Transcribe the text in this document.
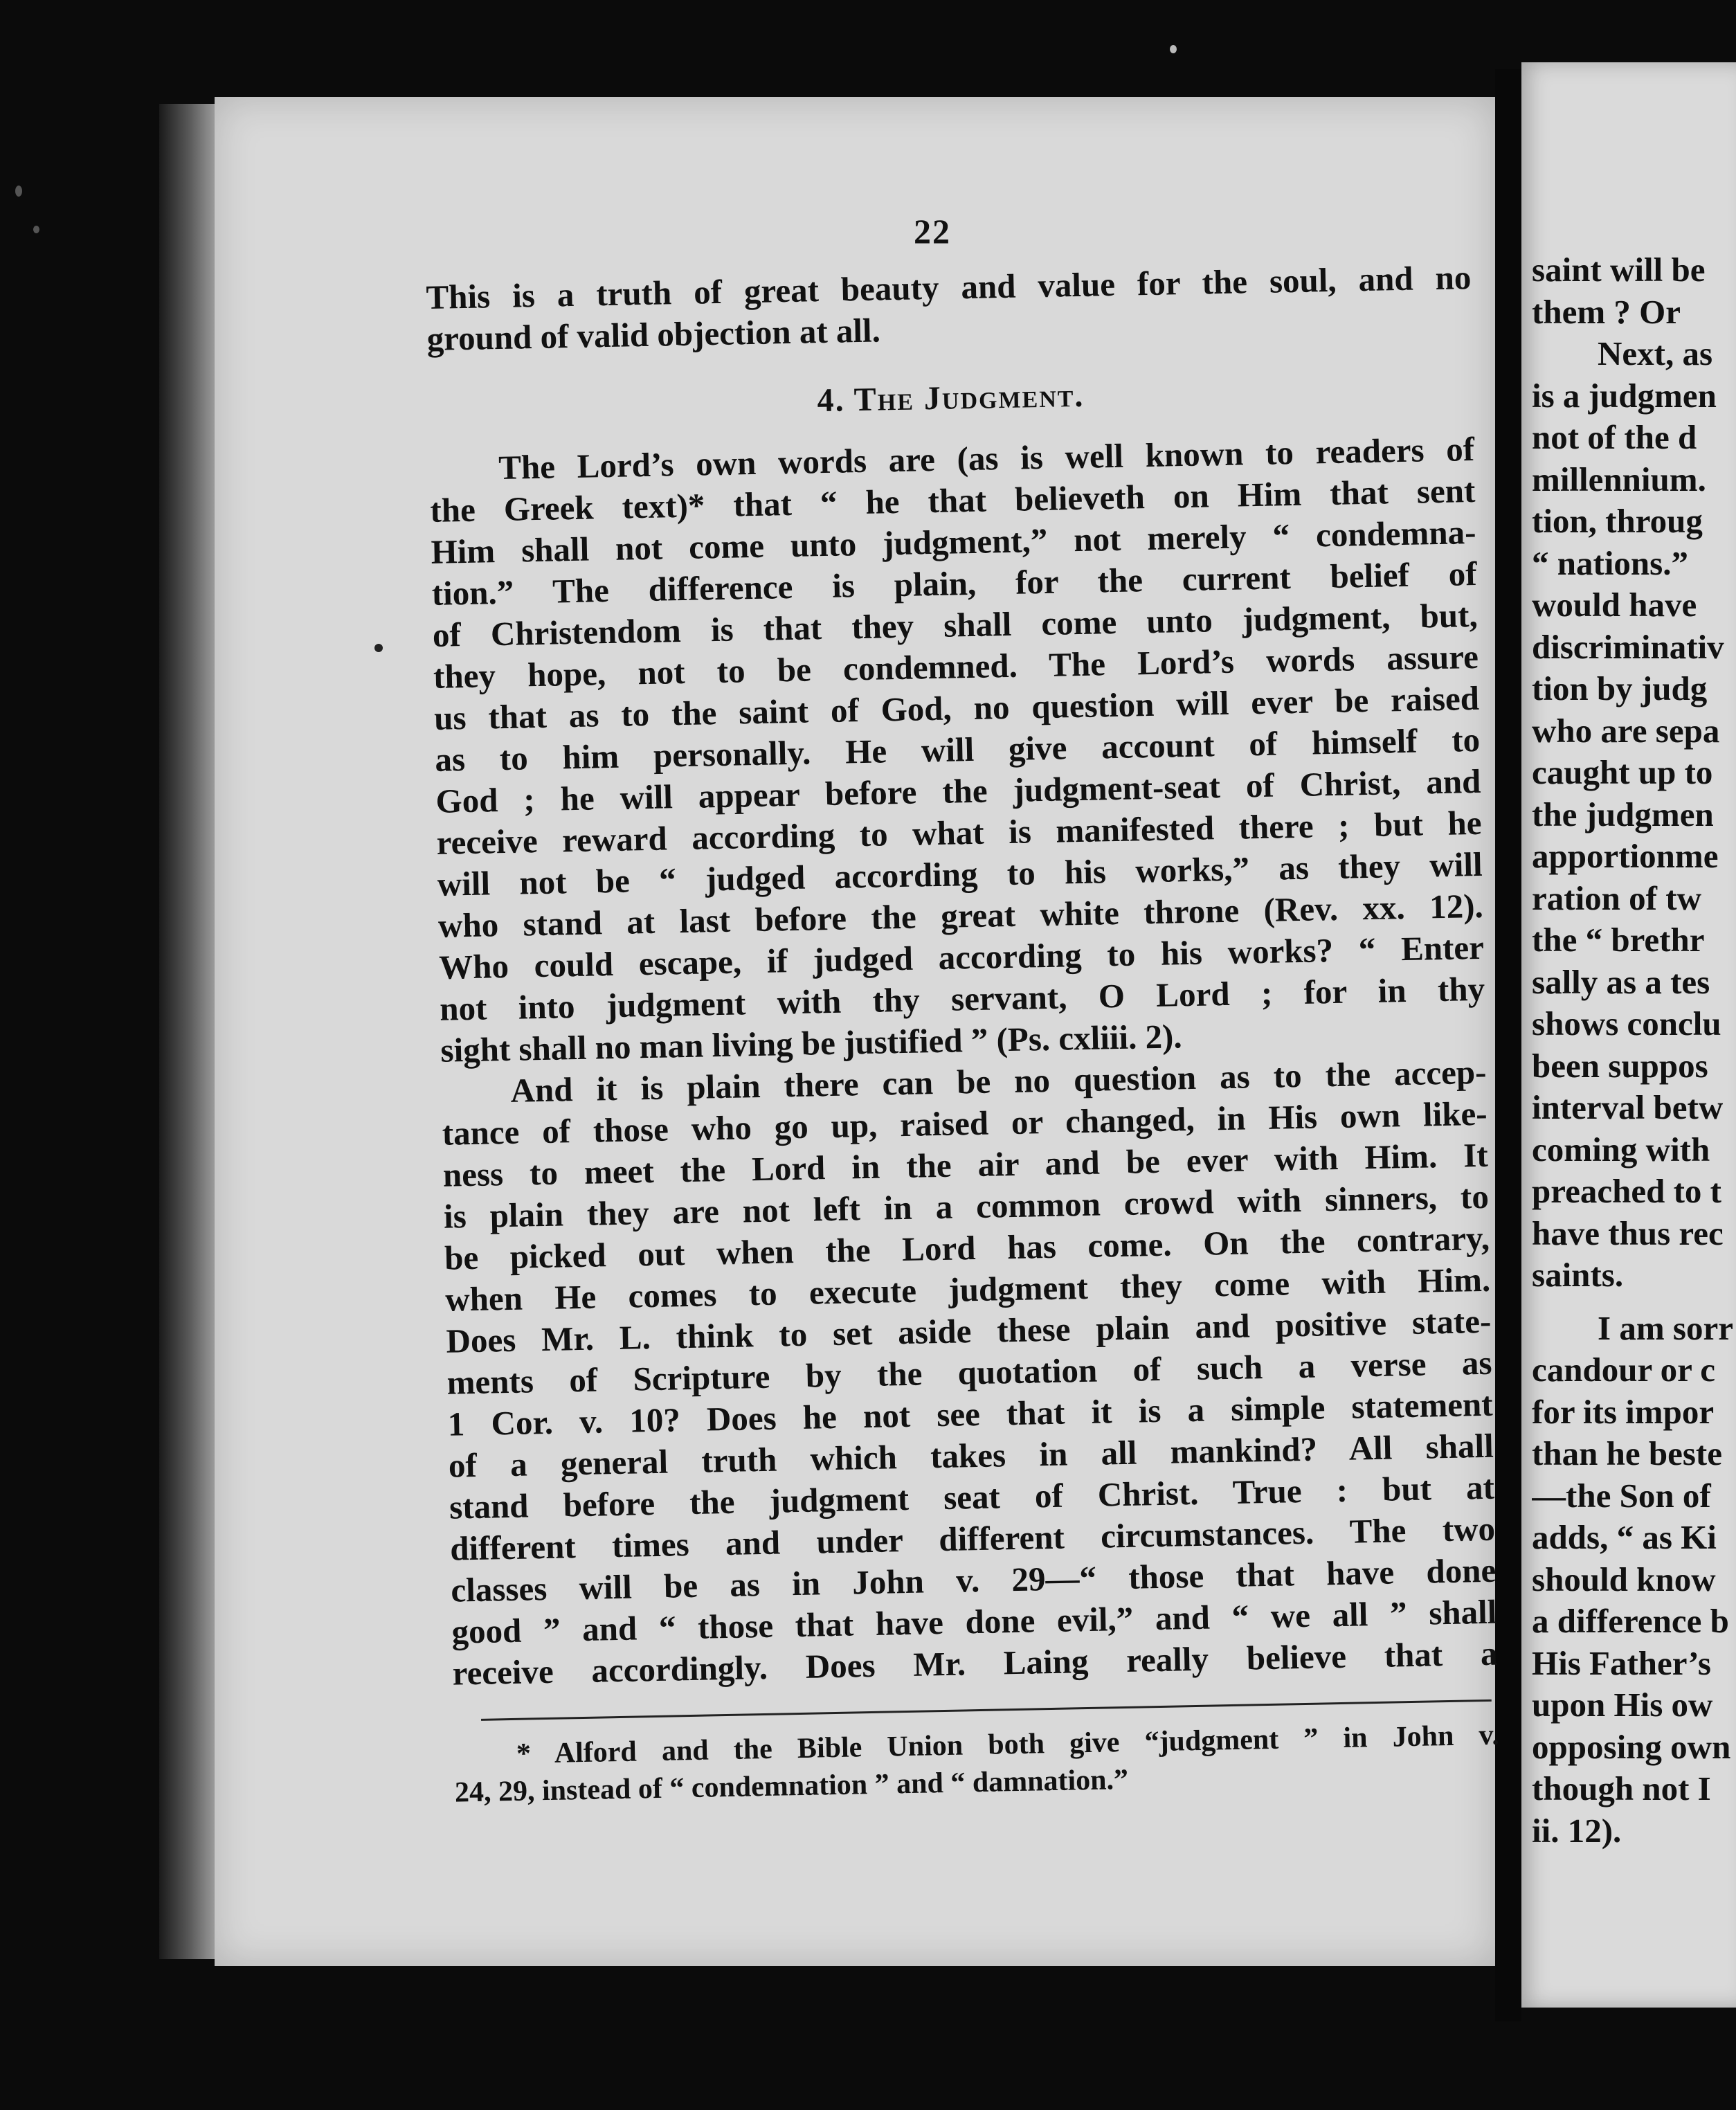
22

This is a truth of great beauty and value for the soul, and no
ground of valid objection at all.

4. The Judgment.

The Lord’s own words are (as is well known to readers of
the Greek text)* that “ he that believeth on Him that sent
Him shall not come unto judgment,” not merely “ condemna-
tion.” The difference is plain, for the current belief of
of Christendom is that they shall come unto judgment, but,
they hope, not to be condemned. The Lord’s words assure
us that as to the saint of God, no question will ever be raised
as to him personally. He will give account of himself to
God ; he will appear before the judgment-seat of Christ, and
receive reward according to what is manifested there ; but he
will not be “ judged according to his works,” as they will
who stand at last before the great white throne (Rev. xx. 12).
Who could escape, if judged according to his works? “ Enter
not into judgment with thy servant, O Lord ; for in thy
sight shall no man living be justified ” (Ps. cxliii. 2).

And it is plain there can be no question as to the accep-
tance of those who go up, raised or changed, in His own like-
ness to meet the Lord in the air and be ever with Him. It
is plain they are not left in a common crowd with sinners, to
be picked out when the Lord has come. On the contrary,
when He comes to execute judgment they come with Him.
Does Mr. L. think to set aside these plain and positive state-
ments of Scripture by the quotation of such a verse as
1 Cor. v. 10? Does he not see that it is a simple statement
of a general truth which takes in all mankind? All shall
stand before the judgment seat of Christ. True : but at
different times and under different circumstances. The two
classes will be as in John v. 29—“ those that have done
good ” and “ those that have done evil,” and “ we all ” shall
receive accordingly. Does Mr. Laing really believe that a

* Alford and the Bible Union both give “judgment ” in John v.
24, 29, instead of “ condemnation ” and “ damnation.”

saint will be
them ? Or
Next, as
is a judgmen
not of the d
millennium.
tion, throug
“ nations.”
would have
discriminativ
tion by judg
who are sepa
caught up to
the judgmen
apportionme
ration of tw
the “ brethr
sally as a tes
shows conclu
been suppos
interval betw
coming with
preached to t
have thus rec
saints.
I am sorr
candour or c
for its impor
than he beste
—the Son of
adds, “ as Ki
should know
a difference b
His Father’s
upon His ow
opposing own
though not I
ii. 12).
